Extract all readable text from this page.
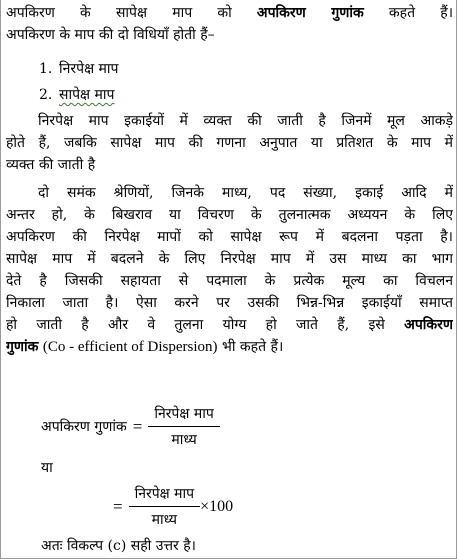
अपकिरण के सापेक्ष माप को अपकिरण गुणांक कहते हैं।
अपकिरण के माप की दो विधियाँ होती हैं–
1. निरपेक्ष माप
2. सापेक्ष माप
निरपेक्ष माप इकाईयों में व्यक्त की जाती है जिनमें मूल आकड़े
होते हैं, जबकि सापेक्ष माप की गणना अनुपात या प्रतिशत के माप में
व्यक्त की जाती है
दो समंक श्रेणियों, जिनके माध्य, पद संख्या, इकाई आदि में
अन्तर हो, के बिखराव या विचरण के तुलनात्मक अध्ययन के लिए
अपकिरण की निरपेक्ष मापों को सापेक्ष रूप में बदलना पड़ता है।
सापेक्ष माप में बदलने के लिए निरपेक्ष माप में उस माध्य का भाग
देते है जिसकी सहायता से पदमाला के प्रत्येक मूल्य का विचलन
निकाला जाता है। ऐसा करने पर उसकी भिन्न-भिन्न इकाईयाँ समाप्त
हो जाती है और वे तुलना योग्य हो जाते हैं, इसे अपकिरण
गुणांक (Co - efficient of Dispersion) भी कहते हैं।
अपकिरण गुणांक = $\frac{\text{निरपेक्ष माप}}{\text{माध्य}}$
या
= $\frac{\text{निरपेक्ष माप}}{\text{माध्य}} \times 100$
अतः विकल्प (c) सही उत्तर है।
